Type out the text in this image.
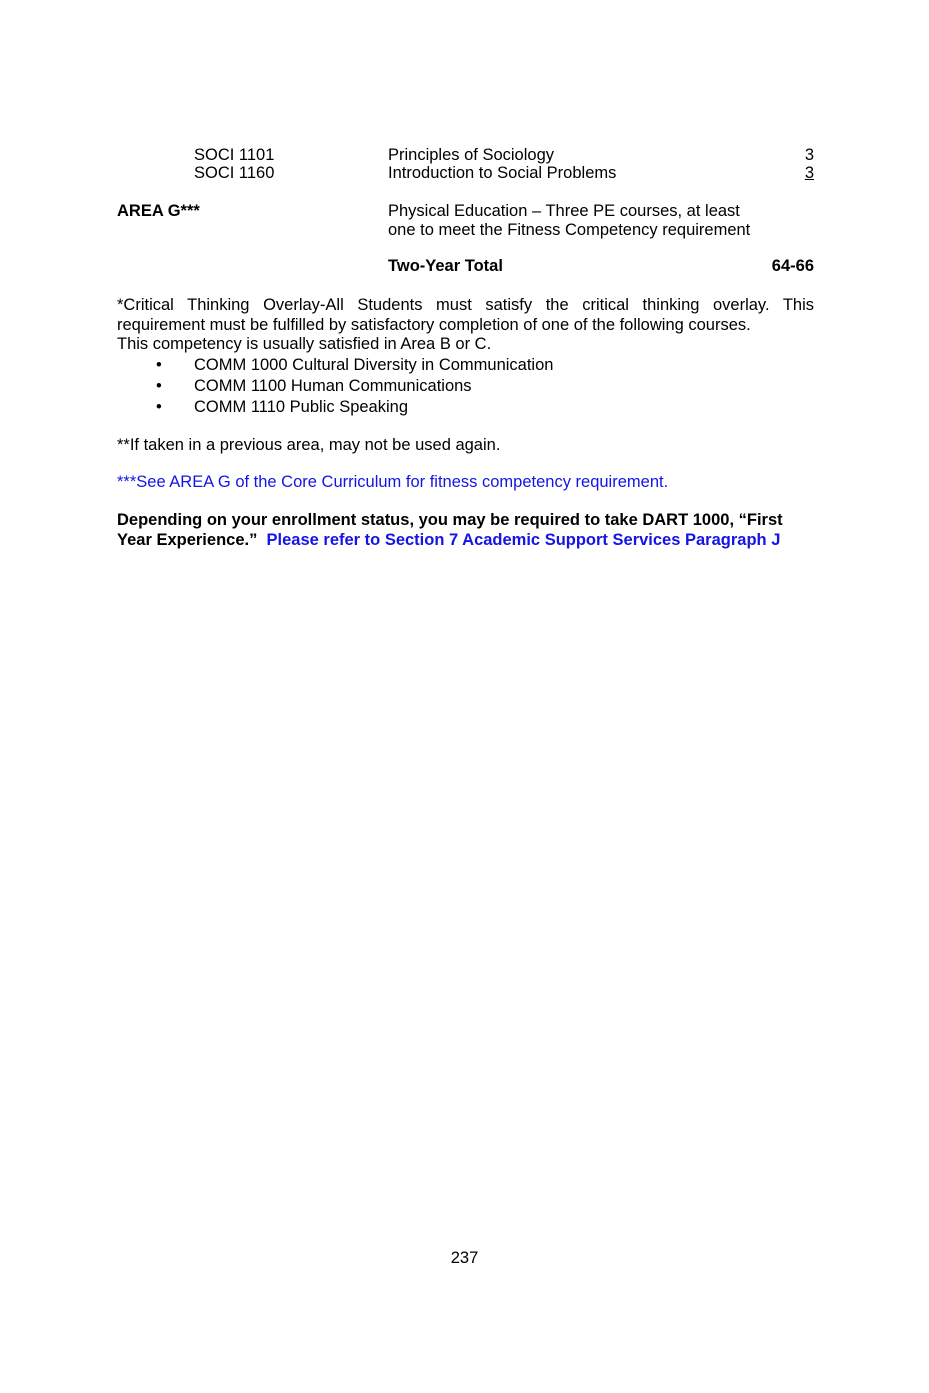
SOCI 1101	Principles of Sociology	3
SOCI 1160	Introduction to Social Problems	3
AREA G***	Physical Education – Three PE courses, at least
one to meet the Fitness Competency requirement
Two-Year Total	64-66
*Critical Thinking Overlay-All Students must satisfy the critical thinking overlay. This requirement must be fulfilled by satisfactory completion of one of the following courses.
This competency is usually satisfied in Area B or C.
• COMM 1000 Cultural Diversity in Communication
• COMM 1100 Human Communications
• COMM 1110 Public Speaking
**If taken in a previous area, may not be used again.
***See AREA G of the Core Curriculum for fitness competency requirement.
Depending on your enrollment status, you may be required to take DART 1000, “First
Year Experience.” Please refer to Section 7 Academic Support Services Paragraph J
237
